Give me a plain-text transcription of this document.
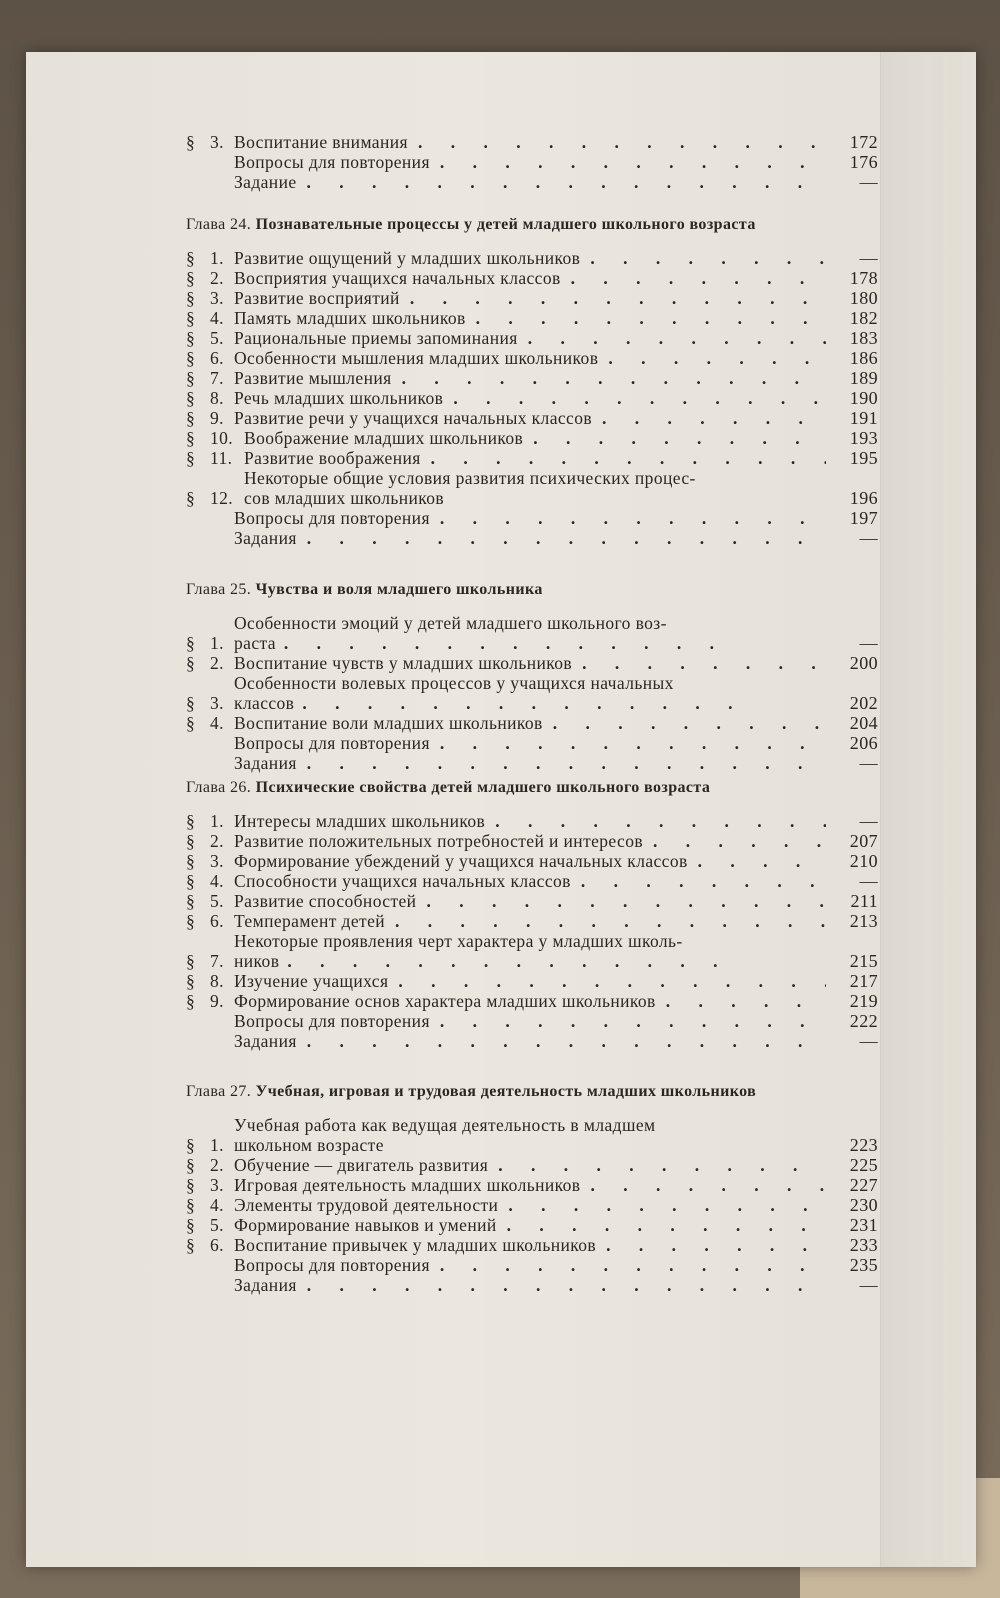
§ 3. Воспитание внимания . . .	172
Вопросы для повторения . . .	176
Задание . . .	—
Глава 24. Познавательные процессы у детей младшего школьного возраста
§ 1. Развитие ощущений у младших школьников . . .	—
§ 2. Восприятия учащихся начальных классов . . .	178
§ 3. Развитие восприятий . . .	180
§ 4. Память младших школьников . . .	182
§ 5. Рациональные приемы запоминания . . .	183
§ 6. Особенности мышления младших школьников . . .	186
§ 7. Развитие мышления . . .	189
§ 8. Речь младших школьников . . .	190
§ 9. Развитие речи у учащихся начальных классов . . .	191
§ 10. Воображение младших школьников . . .	193
§ 11. Развитие воображения . . .	195
§ 12.
Некоторые общие условия развития психических процес-
сов младших школьников	196
Вопросы для повторения . . .	197
Задания . . .	—
Глава 25. Чувства и воля младшего школьника
§ 1.
Особенности эмоций у детей младшего школьного воз-
раста . . . . . . . . . . . . . .	—
§ 2. Воспитание чувств у младших школьников . . .	200
§ 3.
Особенности волевых процессов у учащихся начальных
классов . . . . . . . . . . . . . .	202
§ 4. Воспитание воли младших школьников . . .	204
Вопросы для повторения . . .	206
Задания . . .	—
Глава 26. Психические свойства детей младшего школьного возраста
§ 1. Интересы младших школьников . . .	—
§ 2. Развитие положительных потребностей и интересов . . .	207
§ 3. Формирование убеждений у учащихся начальных классов . . .	210
§ 4. Способности учащихся начальных классов . . .	—
§ 5. Развитие способностей . . .	211
§ 6. Темперамент детей . . .	213
§ 7.
Некоторые проявления черт характера у младших школь-
ников . . . . . . . . . . . . . .	215
§ 8. Изучение учащихся . . .	217
§ 9. Формирование основ характера младших школьников . . .	219
Вопросы для повторения . . .	222
Задания . . .	—
Глава 27. Учебная, игровая и трудовая деятельность младших школьников
§ 1.
Учебная работа как ведущая деятельность в младшем
школьном возрасте	223
§ 2. Обучение — двигатель развития . . .	225
§ 3. Игровая деятельность младших школьников . . .	227
§ 4. Элементы трудовой деятельности . . .	230
§ 5. Формирование навыков и умений . . .	231
§ 6. Воспитание привычек у младших школьников . . .	233
Вопросы для повторения . . .	235
Задания . . .	—
